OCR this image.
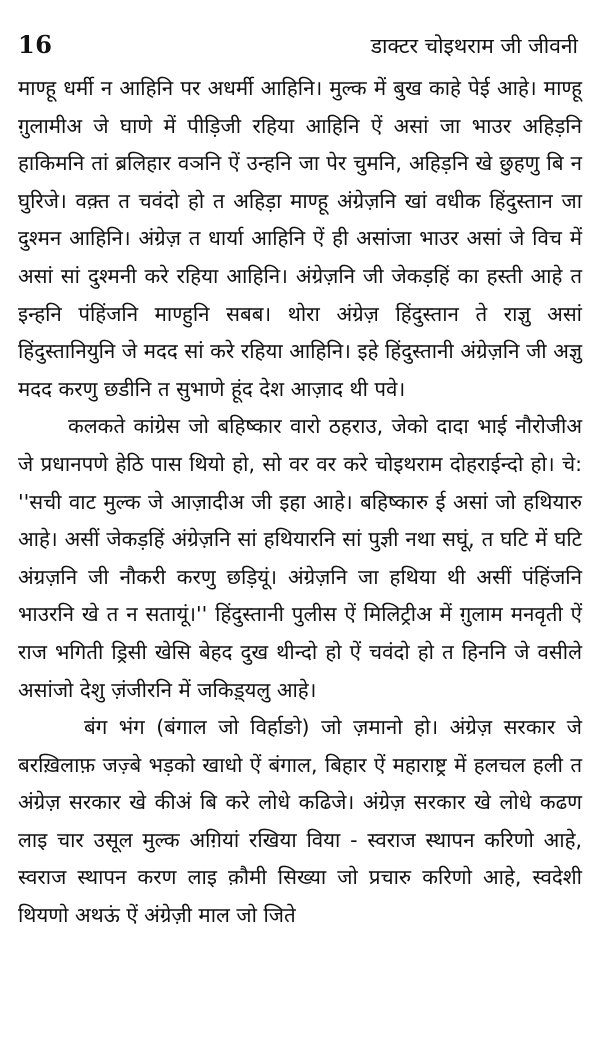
16	डाक्टर चोइथराम जी जीवनी

माण्हू धर्मी न आहिनि पर अधर्मी आहिनि। मुल्क में बुख काहे पेई आहे। माण्हू ग़ुलामीअ जे घाणे में पीड़िजी रहिया आहिनि ऐं असां जा भाउर अहिड़नि हाकिमनि तां ब्रलिहार वञनि ऐं उन्हनि जा पेर चुमनि, अहिड़नि खे छुहणु बि न घुरिजे। वक़्त त चवंदो हो त अहिड़ा माण्हू अंग्रेज़नि खां वधीक हिंदुस्तान जा दुश्मन आहिनि। अंग्रेज़ त धार्या आहिनि ऐं ही असांजा भाउर असां जे विच में असां सां दुश्मनी करे रहिया आहिनि। अंग्रेज़नि जी जेकड़हिं का हस्ती आहे त इन्हनि पंहिंजनि माण्हुनि सबब। थोरा अंग्रेज़ हिंदुस्तान ते राज्ञु असां हिंदुस्तानियुनि जे मदद सां करे रहिया आहिनि। इहे हिंदुस्तानी अंग्रेज़नि जी अज्ञु मदद करणु छडीनि त सुभाणे हूंद देश आज़ाद थी पवे।

कलकते कांग्रेस जो बहिष्कार वारो ठहराउ, जेको दादा भाई नौरोजीअ जे प्रधानपणे हेठि पास थियो हो, सो वर वर करे चोइथराम दोहराईन्दो हो। चे: ''सची वाट मुल्क जे आज़ादीअ जी इहा आहे। बहिष्कारु ई असां जो हथियारु आहे। असीं जेकड़हिं अंग्रेज़नि सां हथियारनि सां पुज्ञी नथा सघूं, त घटि में घटि अंग्रज़नि जी नौकरी करणु छड़ियूं। अंग्रेज़नि जा हथिया थी असीं पंहिंजनि भाउरनि खे त न सतायूं।'' हिंदुस्तानी पुलीस ऐं मिलिट्रीअ में ग़ुलाम मनवृती ऐं राज भगिती ड्रिसी खेसि बेहद दुख थीन्दो हो ऐं चवंदो हो त हिननि जे वसीले असांजो देशु ज़ंजीरनि में जकिड़्यलु आहे।

बंग भंग (बंगाल जो विर्हाङो) जो ज़मानो हो। अंग्रेज़ सरकार जे बरख़िलाफ़ जज़्बे भड़को खाधो ऐं बंगाल, बिहार ऐं महाराष्ट्र में हलचल हली त अंग्रेज़ सरकार खे कीअं बि करे लोधे कढिजे। अंग्रेज़ सरकार खे लोधे कढण लाइ चार उसूल मुल्क अग़ियां रखिया विया - स्वराज स्थापन करिणो आहे, स्वराज स्थापन करण लाइ क़ौमी सिख्या जो प्रचारु करिणो आहे, स्वदेशी थियणो अथऊं ऐं अंग्रेज़ी माल जो जिते
